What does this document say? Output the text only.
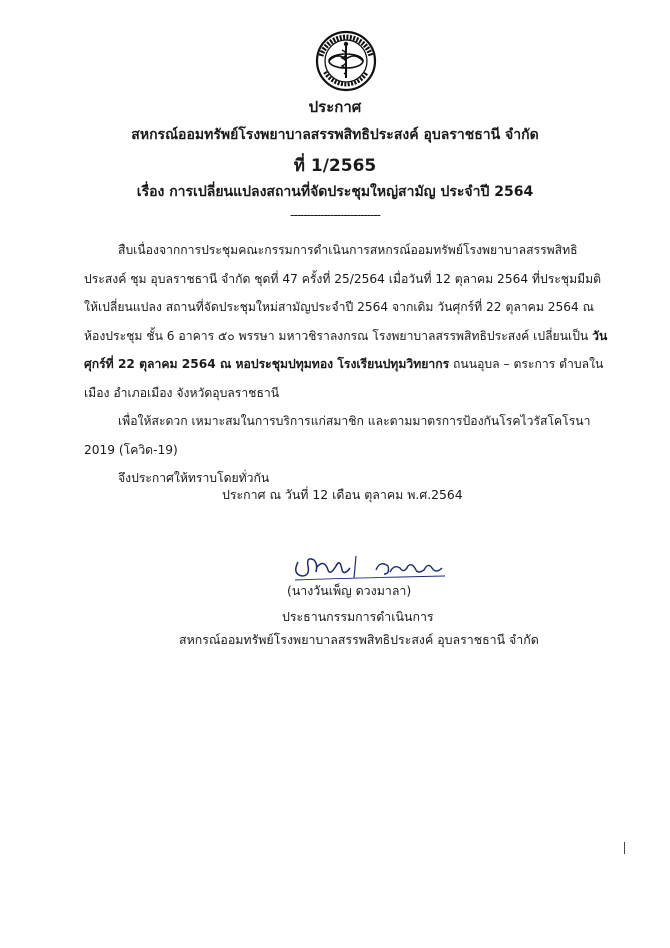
ประกาศ
สหกรณ์ออมทรัพย์โรงพยาบาลสรรพสิทธิประสงค์ อุบลราชธานี จำกัด
ที่ 1/2565
เรื่อง การเปลี่ยนแปลงสถานที่จัดประชุมใหญ่สามัญ ประจำปี 2564
---------------------------
สืบเนื่องจากการประชุมคณะกรรมการดำเนินการสหกรณ์ออมทรัพย์โรงพยาบาลสรรพสิทธิประสงค์ ชุม อุบลราชธานี จำกัด ชุดที่ 47 ครั้งที่ 25/2564 เมื่อวันที่ 12 ตุลาคม 2564 ที่ประชุมมีมติให้เปลี่ยนแปลง สถานที่จัดประชุมใหม่สามัญประจำปี 2564 จากเดิม วันศุกร์ที่ 22 ตุลาคม 2564 ณ ห้องประชุม ชั้น 6 อาคาร ๕๐ พรรษา มหาวชิราลงกรณ โรงพยาบาลสรรพสิทธิประสงค์ เปลี่ยนเป็น วันศุกร์ที่ 22 ตุลาคม 2564 ณ หอประชุมปทุมทอง โรงเรียนปทุมวิทยากร ถนนอุบล – ตระการ ตำบลในเมือง อำเภอเมือง จังหวัดอุบลราชธานี
เพื่อให้สะดวก เหมาะสมในการบริการแก่สมาชิก และตามมาตรการป้องกันโรคไวรัสโคโรนา 2019 (โควิด-19)
จึงประกาศให้ทราบโดยทั่วกัน
ประกาศ ณ วันที่ 12 เดือน ตุลาคม พ.ศ.2564
(นางวันเพ็ญ ดวงมาลา)
ประธานกรรมการดำเนินการ
สหกรณ์ออมทรัพย์โรงพยาบาลสรรพสิทธิประสงค์ อุบลราชธานี จำกัด
